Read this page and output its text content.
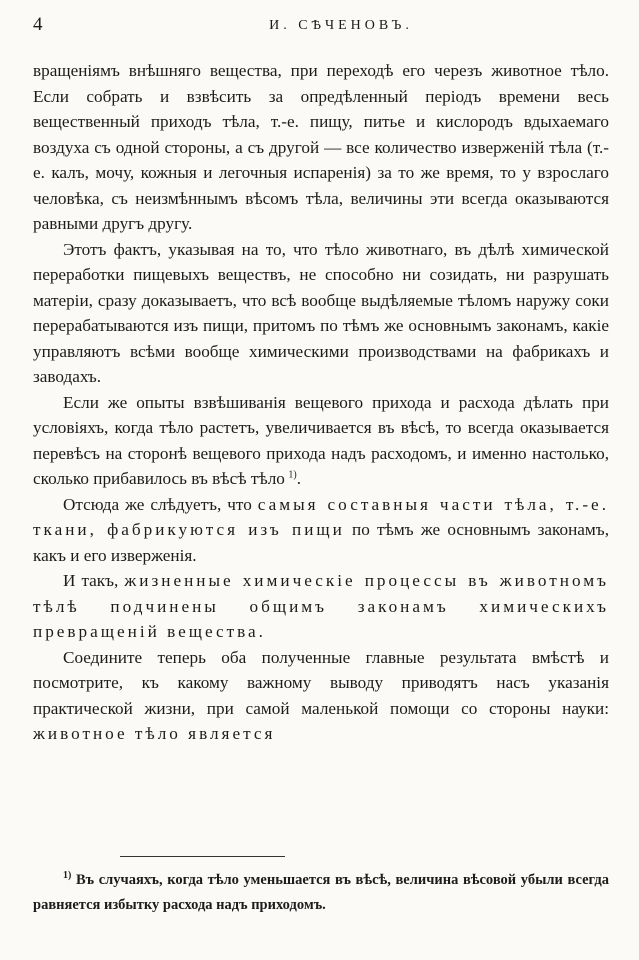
4	И. СѢЧЕНОВЪ.

вращеніямъ внѣшняго вещества, при переходѣ его черезъ животное тѣло. Если собрать и взвѣсить за опредѣленный періодъ времени весь вещественный приходъ тѣла, т.-е. пищу, питье и кислородъ вдыхаемаго воздуха съ одной стороны, а съ другой — все количество изверженій тѣла (т.-е. калъ, мочу, кожныя и легочныя испаренія) за то же время, то у взрослаго человѣка, съ неизмѣннымъ вѣсомъ тѣла, величины эти всегда оказываются равными другъ другу.

Этотъ фактъ, указывая на то, что тѣло животнаго, въ дѣлѣ химической переработки пищевыхъ веществъ, не способно ни созидать, ни разрушать матеріи, сразу доказываетъ, что всѣ вообще выдѣляемые тѣломъ наружу соки перерабатываются изъ пищи, притомъ по тѣмъ же основнымъ законамъ, какіе управляютъ всѣми вообще химическими производствами на фабрикахъ и заводахъ.

Если же опыты взвѣшиванія вещевого прихода и расхода дѣлать при условіяхъ, когда тѣло растетъ, увеличивается въ вѣсѣ, то всегда оказывается перевѣсъ на сторонѣ вещевого прихода надъ расходомъ, и именно настолько, сколько прибавилось въ вѣсѣ тѣло  $^{1)}$.

Отсюда же слѣдуетъ, что самыя составныя части тѣла, т.-е. ткани, фабрикуются изъ пищи по тѣмъ же основнымъ законамъ, какъ и его изверженія.

И такъ, жизненные химическіе процессы въ животномъ тѣлѣ подчинены общимъ законамъ химическихъ превращеній вещества.

Соедините теперь оба полученные главные результата вмѣстѣ и посмотрите, къ какому важному выводу приводятъ насъ указанія практической жизни, при самой маленькой помощи со стороны науки: животное тѣло является

$^{1)}$ Въ случаяхъ, когда тѣло уменьшается въ вѣсѣ, величина вѣсовой убыли всегда равняется избытку расхода надъ приходомъ.
